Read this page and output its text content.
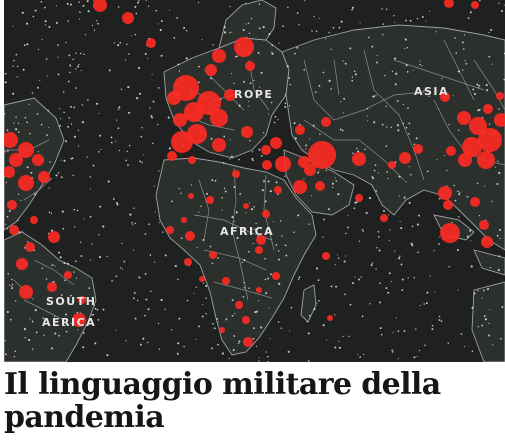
ROPE	ASIA
AFRICA
SOUTH
AERICA
Il linguaggio militare della pandemia
